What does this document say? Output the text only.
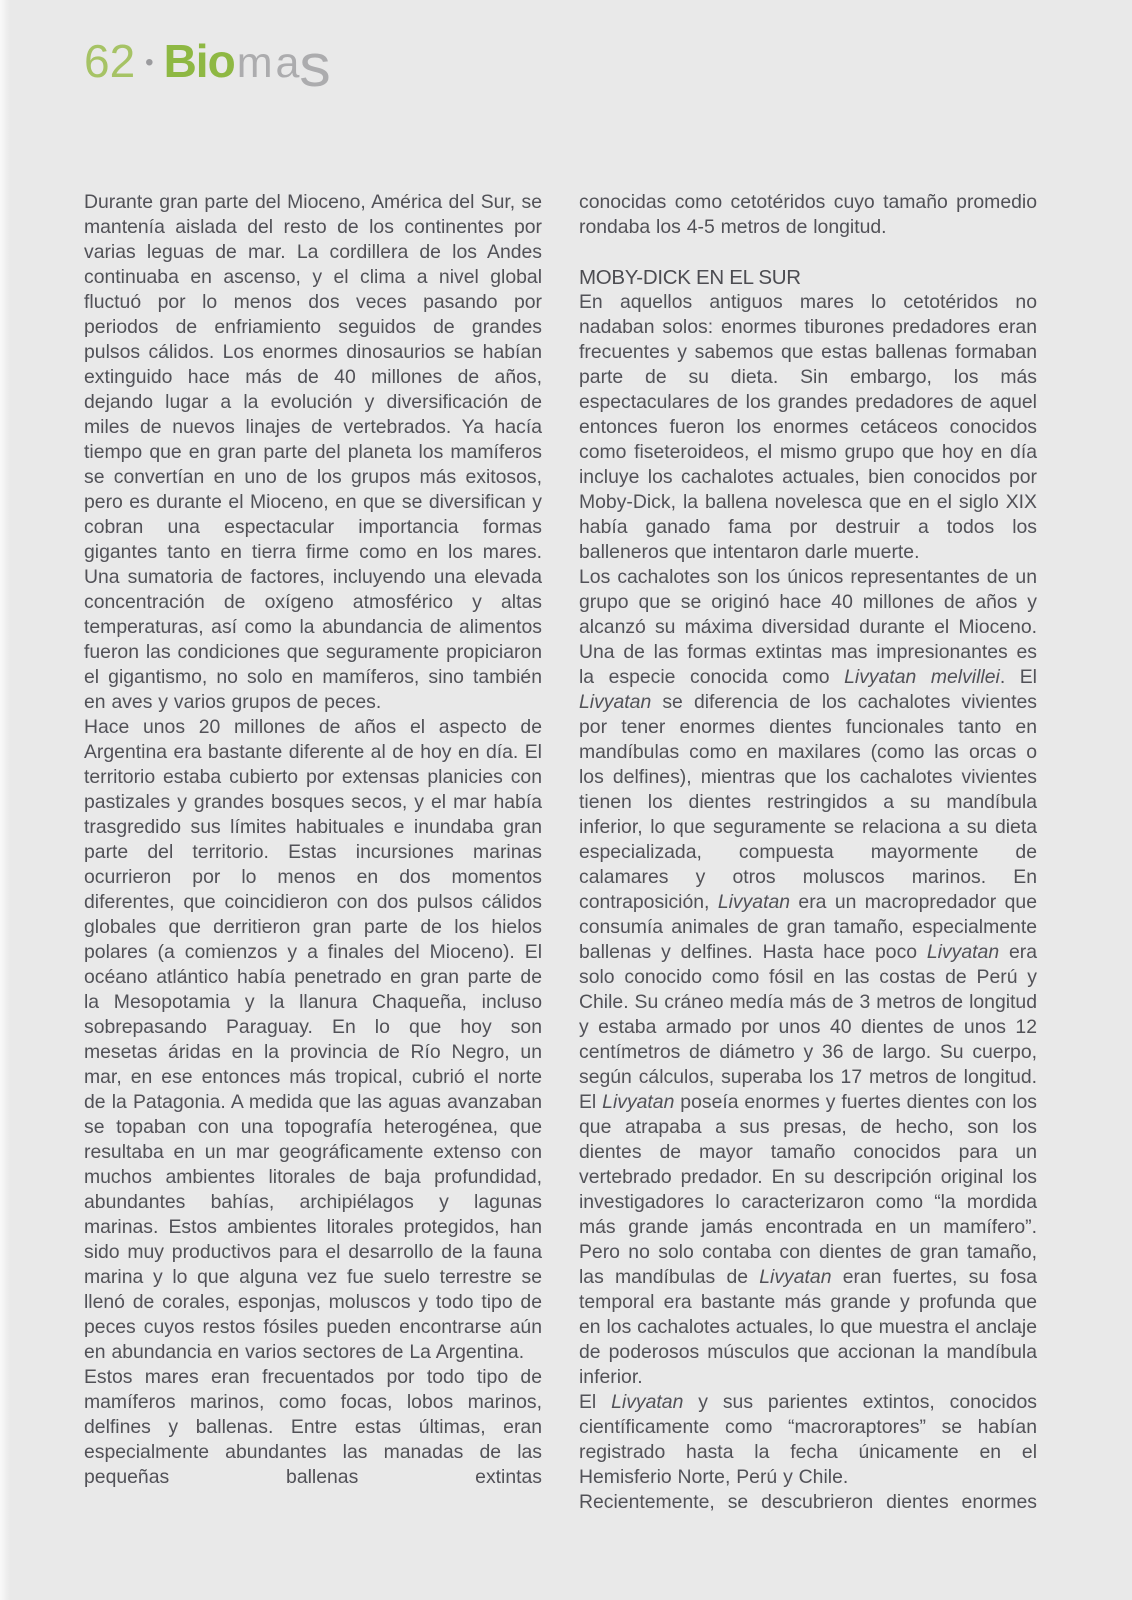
62 • Bio ma
s

Durante gran parte del Mioceno, América del Sur, se mantenía aislada del resto de los continentes por varias leguas de mar. La cordillera de los Andes continuaba en ascenso, y el clima a nivel global fluctuó por lo menos dos veces pasando por periodos de enfriamiento seguidos de grandes pulsos cálidos. Los enormes dinosaurios se habían extinguido hace más de 40 millones de años, dejando lugar a la evolución y diversificación de miles de nuevos linajes de vertebrados. Ya hacía tiempo que en gran parte del planeta los mamíferos se convertían en uno de los grupos más exitosos, pero es durante el Mioceno, en que se diversifican y cobran una espectacular importancia formas gigantes tanto en tierra firme como en los mares. Una sumatoria de factores, incluyendo una elevada concentración de oxígeno atmosférico y altas temperaturas, así como la abundancia de alimentos fueron las condiciones que seguramente propiciaron el gigantismo, no solo en mamíferos, sino también en aves y varios grupos de peces.

Hace unos 20 millones de años el aspecto de Argentina era bastante diferente al de hoy en día. El territorio estaba cubierto por extensas planicies con pastizales y grandes bosques secos, y el mar había trasgredido sus límites habituales e inundaba gran parte del territorio. Estas incursiones marinas ocurrieron por lo menos en dos momentos diferentes, que coincidieron con dos pulsos cálidos globales que derritieron gran parte de los hielos polares (a comienzos y a finales del Mioceno). El océano atlántico había penetrado en gran parte de la Mesopotamia y la llanura Chaqueña, incluso sobrepasando Paraguay. En lo que hoy son mesetas áridas en la provincia de Río Negro, un mar, en ese entonces más tropical, cubrió el norte de la Patagonia. A medida que las aguas avanzaban se topaban con una topografía heterogénea, que resultaba en un mar geográficamente extenso con muchos ambientes litorales de baja profundidad, abundantes bahías, archipiélagos y lagunas marinas. Estos ambientes litorales protegidos, han sido muy productivos para el desarrollo de la fauna marina y lo que alguna vez fue suelo terrestre se llenó de corales, esponjas, moluscos y todo tipo de peces cuyos restos fósiles pueden encontrarse aún en abundancia en varios sectores de La Argentina.

Estos mares eran frecuentados por todo tipo de mamíferos marinos, como focas, lobos marinos, delfines y ballenas. Entre estas últimas, eran especialmente abundantes las manadas de las pequeñas ballenas extintas

conocidas como cetotéridos cuyo tamaño promedio rondaba los 4-5 metros de longitud.

MOBY-DICK EN EL SUR

En aquellos antiguos mares lo cetotéridos no nadaban solos: enormes tiburones predadores eran frecuentes y sabemos que estas ballenas formaban parte de su dieta. Sin embargo, los más espectaculares de los grandes predadores de aquel entonces fueron los enormes cetáceos conocidos como fiseteroideos, el mismo grupo que hoy en día incluye los cachalotes actuales, bien conocidos por Moby-Dick, la ballena novelesca que en el siglo XIX había ganado fama por destruir a todos los balleneros que intentaron darle muerte.

Los cachalotes son los únicos representantes de un grupo que se originó hace 40 millones de años y alcanzó su máxima diversidad durante el Mioceno. Una de las formas extintas mas impresionantes es la especie conocida como Livyatan melvillei. El Livyatan se diferencia de los cachalotes vivientes por tener enormes dientes funcionales tanto en mandíbulas como en maxilares (como las orcas o los delfines), mientras que los cachalotes vivientes tienen los dientes restringidos a su mandíbula inferior, lo que seguramente se relaciona a su dieta especializada, compuesta mayormente de calamares y otros moluscos marinos. En contraposición, Livyatan era un macropredador que consumía animales de gran tamaño, especialmente ballenas y delfines. Hasta hace poco Livyatan era solo conocido como fósil en las costas de Perú y Chile. Su cráneo medía más de 3 metros de longitud y estaba armado por unos 40 dientes de unos 12 centímetros de diámetro y 36 de largo. Su cuerpo, según cálculos, superaba los 17 metros de longitud. El Livyatan poseía enormes y fuertes dientes con los que atrapaba a sus presas, de hecho, son los dientes de mayor tamaño conocidos para un vertebrado predador. En su descripción original los investigadores lo caracterizaron como “la mordida más grande jamás encontrada en un mamífero”. Pero no solo contaba con dientes de gran tamaño, las mandíbulas de Livyatan eran fuertes, su fosa temporal era bastante más grande y profunda que en los cachalotes actuales, lo que muestra el anclaje de poderosos músculos que accionan la mandíbula inferior.

El Livyatan y sus parientes extintos, conocidos científicamente como “macroraptores” se habían registrado hasta la fecha únicamente en el Hemisferio Norte, Perú y Chile.

Recientemente, se descubrieron dientes enormes
